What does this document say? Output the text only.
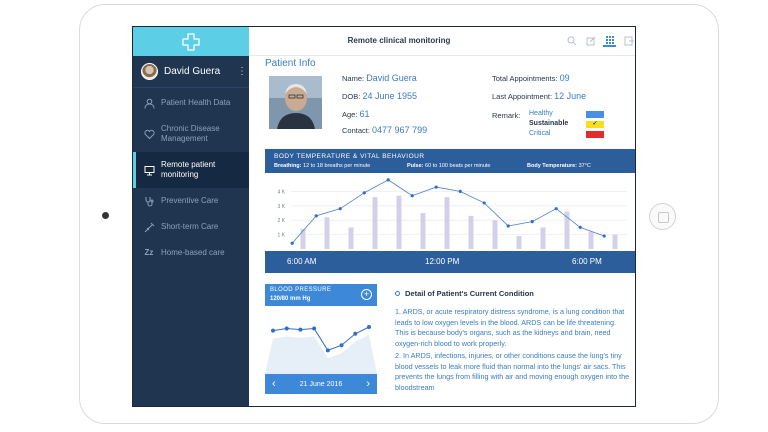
David Guera	⋮
Patient Health Data
Chronic Disease Management
Remote patient monitoring
Preventive Care
Short-term Care
Zz Home-based care
Remote clinical monitoring
Patient Info
Name: David Guera
DOB: 24 June 1955
Age: 61
Contact: 0477 967 799
Total Appointments: 09
Last Appointment: 12 June
Remark: Healthy
Sustainable	✓
Critical
BODY TEMPERATURE & VITAL BEHAVIOUR
Breathing: 12 to 18 breaths per minute	Pulse: 60 to 100 beats per minute	Body Temperature: 37°C
1 K
2 K
3 K
4 K
6:00 AM	12:00 PM	6:00 PM
BLOOD PRESSURE
120/80 mm Hg	+
‹	21 June 2016 ›
Detail of Patient's Current Condition
1. ARDS, or acute respiratory distress syndrome, is a lung condition that leads to low oxygen levels in the blood. ARDS can be life threatening. This is because body's organs, such as the kidneys and brain, need oxygen-rich blood to work properly.
2. In ARDS, infections, injuries, or other conditions cause the lung's tiny blood vessels to leak more fluid than normal into the lungs' air sacs. This prevents the lungs from filling with air and moving enough oxygen into the bloodstream
